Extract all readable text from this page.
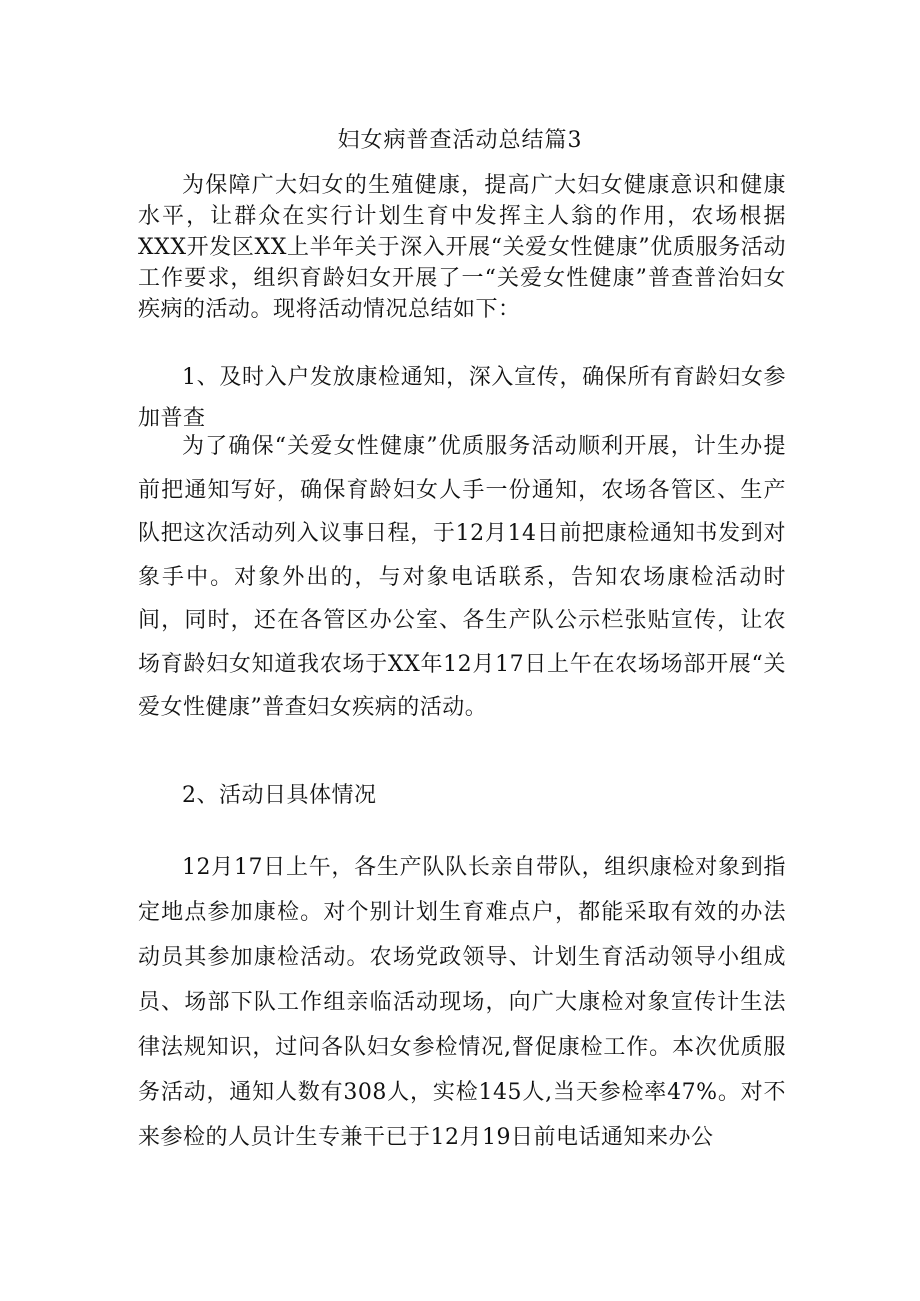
妇女病普查活动总结篇3

为保障广大妇女的生殖健康，提高广大妇女健康意识和健康水平，让群众在实行计划生育中发挥主人翁的作用，农场根据XXX开发区XX上半年关于深入开展“关爱女性健康”优质服务活动工作要求，组织育龄妇女开展了一“关爱女性健康”普查普治妇女疾病的活动。现将活动情况总结如下：

1、及时入户发放康检通知，深入宣传，确保所有育龄妇女参加普查

为了确保“关爱女性健康”优质服务活动顺利开展，计生办提前把通知写好，确保育龄妇女人手一份通知，农场各管区、生产队把这次活动列入议事日程，于12月14日前把康检通知书发到对象手中。对象外出的，与对象电话联系，告知农场康检活动时间，同时，还在各管区办公室、各生产队公示栏张贴宣传，让农场育龄妇女知道我农场于XX年12月17日上午在农场场部开展“关爱女性健康”普查妇女疾病的活动。

2、活动日具体情况

12月17日上午，各生产队队长亲自带队，组织康检对象到指定地点参加康检。对个别计划生育难点户，都能采取有效的办法动员其参加康检活动。农场党政领导、计划生育活动领导小组成员、场部下队工作组亲临活动现场，向广大康检对象宣传计生法律法规知识，过问各队妇女参检情况,督促康检工作。本次优质服务活动，通知人数有308人，实检145人,当天参检率47%。对不来参检的人员计生专兼干已于12月19日前电话通知来办公
